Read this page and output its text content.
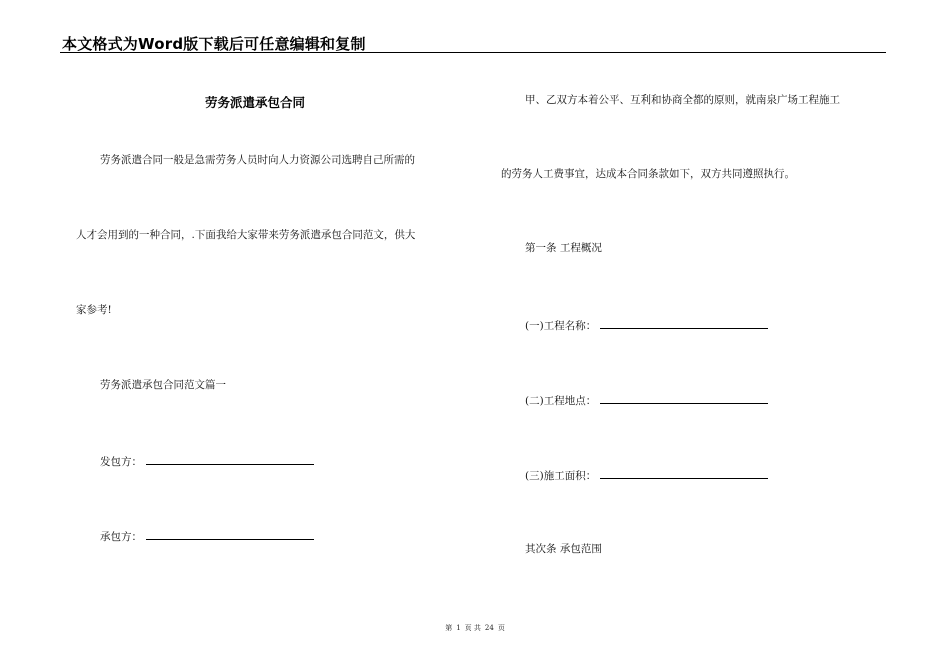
本文格式为Word版下载后可任意编辑和复制
劳务派遣承包合同
劳务派遣合同一般是急需劳务人员时向人力资源公司选聘自己所需的
人才会用到的一种合同，.下面我给大家带来劳务派遣承包合同范文，供大
家参考!
劳务派遣承包合同范文篇一
发包方：
承包方：
甲、乙双方本着公平、互利和协商全都的原则，就南泉广场工程施工
的劳务人工费事宜，达成本合同条款如下，双方共同遵照执行。
第一条 工程概况
(一)工程名称：
(二)工程地点：
(三)施工面积：
其次条 承包范围
第 1 页 共 24 页
